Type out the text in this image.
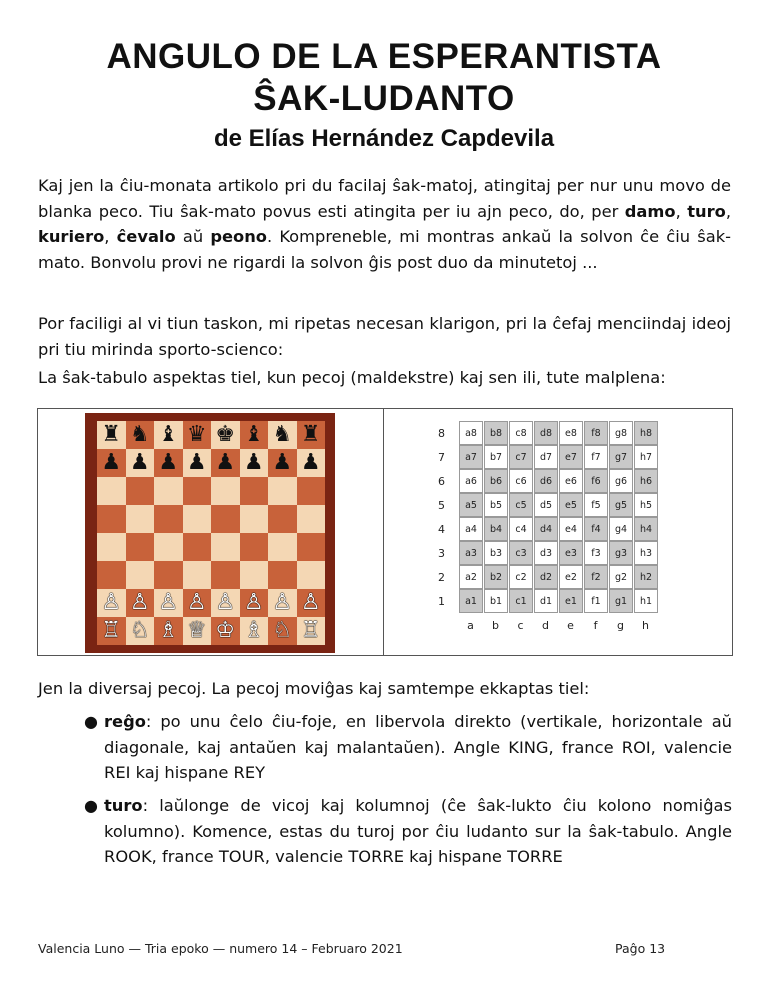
ANGULO DE LA ESPERANTISTA
ŜAK-LUDANTO
de Elías Hernández Capdevila

Kaj jen la ĉiu-monata artikolo pri du facilaj ŝak-matoj, atingitaj per nur unu movo de blanka peco. Tiu ŝak-mato povus esti atingita per iu ajn peco, do, per damo, turo, kuriero, ĉevalo aŭ peono. Kompreneble, mi montras ankaŭ la solvon ĉe ĉiu ŝak-mato. Bonvolu provi ne rigardi la solvon ĝis post duo da minutetoj ...

Por faciligi al vi tiun taskon, mi ripetas necesan klarigon, pri la ĉefaj menciindaj ideoj pri tiu mirinda sporto-scienco:

La ŝak-tabulo aspektas tiel, kun pecoj (maldekstre) kaj sen ili, tute malplena:

♜ ♞ ♝ ♛ ♚ ♝ ♞ ♜
♟ ♟ ♟ ♟ ♟ ♟ ♟ ♟
♙ ♙ ♙ ♙ ♙ ♙ ♙ ♙
♖ ♘ ♗ ♕ ♔ ♗ ♘ ♖
8	a8	b8	c8	d8	e8	f8	g8	h8
7	a7	b7	c7	d7	e7	f7	g7	h7
6	a6	b6	c6	d6	e6	f6	g6	h6
5	a5	b5	c5	d5	e5	f5	g5	h5
4	a4	b4	c4	d4	e4	f4	g4	h4
3	a3	b3	c3	d3	e3	f3	g3	h3
2	a2	b2	c2	d2	e2	f2	g2	h2
1	a1	b1	c1	d1	e1	f1	g1	h1
a	b	c	d	e	f	g	h

Jen la diversaj pecoj. La pecoj moviĝas kaj samtempe ekkaptas tiel:

● reĝo: po unu ĉelo ĉiu-foje, en libervola direkto (vertikale, horizontale aŭ diagonale, kaj antaŭen kaj malantaŭen). Angle KING, france ROI, valencie REI kaj hispane REY

● turo: laŭlonge de vicoj kaj kolumnoj (ĉe ŝak-lukto ĉiu kolono nomiĝas kolumno). Komence, estas du turoj por ĉiu ludanto sur la ŝak-tabulo. Angle ROOK, france TOUR, valencie TORRE kaj hispane TORRE

Valencia Luno — Tria epoko — numero 14 – Februaro 2021	Paĝo 13
